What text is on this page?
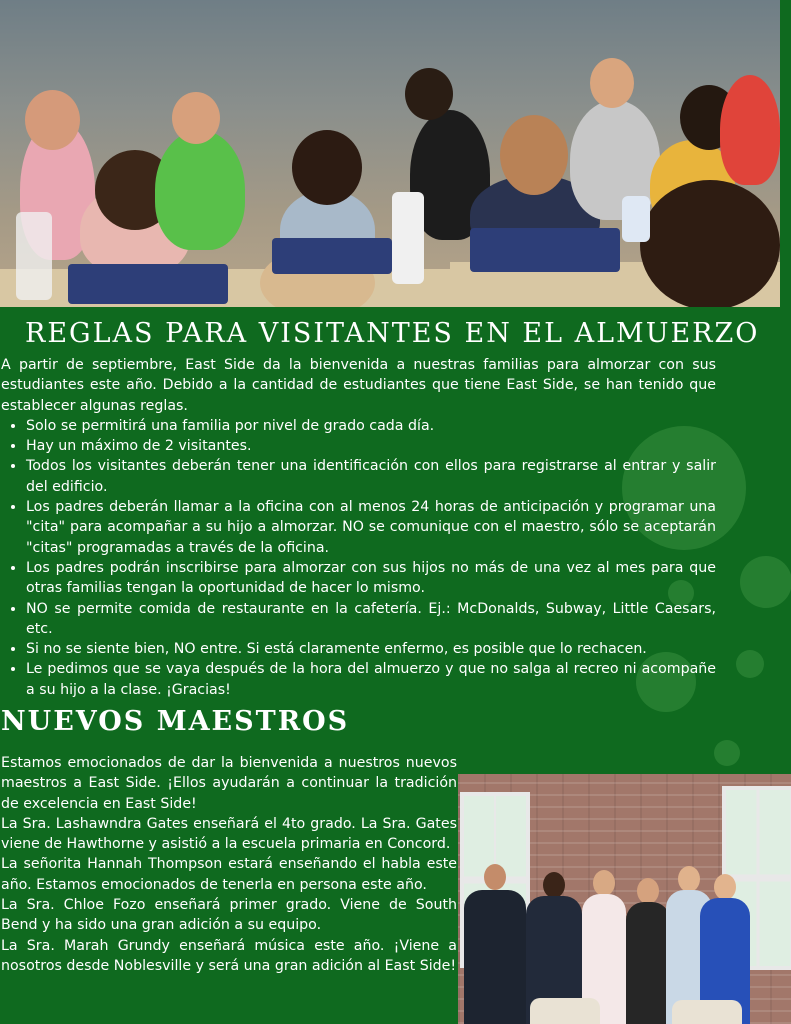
REGLAS PARA VISITANTES EN EL ALMUERZO

A partir de septiembre, East Side da la bienvenida a nuestras familias para almorzar con sus estudiantes este año. Debido a la cantidad de estudiantes que tiene East Side, se han tenido que establecer algunas reglas.

• Solo se permitirá una familia por nivel de grado cada día.
• Hay un máximo de 2 visitantes.
• Todos los visitantes deberán tener una identificación con ellos para registrarse al entrar y salir del edificio.
• Los padres deberán llamar a la oficina con al menos 24 horas de anticipación y programar una "cita" para acompañar a su hijo a almorzar. NO se comunique con el maestro, sólo se aceptarán "citas" programadas a través de la oficina.
• Los padres podrán inscribirse para almorzar con sus hijos no más de una vez al mes para que otras familias tengan la oportunidad de hacer lo mismo.
• NO se permite comida de restaurante en la cafetería. Ej.: McDonalds, Subway, Little Caesars, etc.
• Si no se siente bien, NO entre. Si está claramente enfermo, es posible que lo rechacen.
• Le pedimos que se vaya después de la hora del almuerzo y que no salga al recreo ni acompañe a su hijo a la clase. ¡Gracias!
NUEVOS MAESTROS

Estamos emocionados de dar la bienvenida a nuestros nuevos maestros a East Side. ¡Ellos ayudarán a continuar la tradición de excelencia en East Side!

La Sra. Lashawndra Gates enseñará el 4to grado. La Sra. Gates viene de Hawthorne y asistió a la escuela primaria en Concord.

La señorita Hannah Thompson estará enseñando el habla este año. Estamos emocionados de tenerla en persona este año.

La Sra. Chloe Fozo enseñará primer grado. Viene de South Bend y ha sido una gran adición a su equipo.

La Sra. Marah Grundy enseñará música este año. ¡Viene a nosotros desde Noblesville y será una gran adición al East Side!
